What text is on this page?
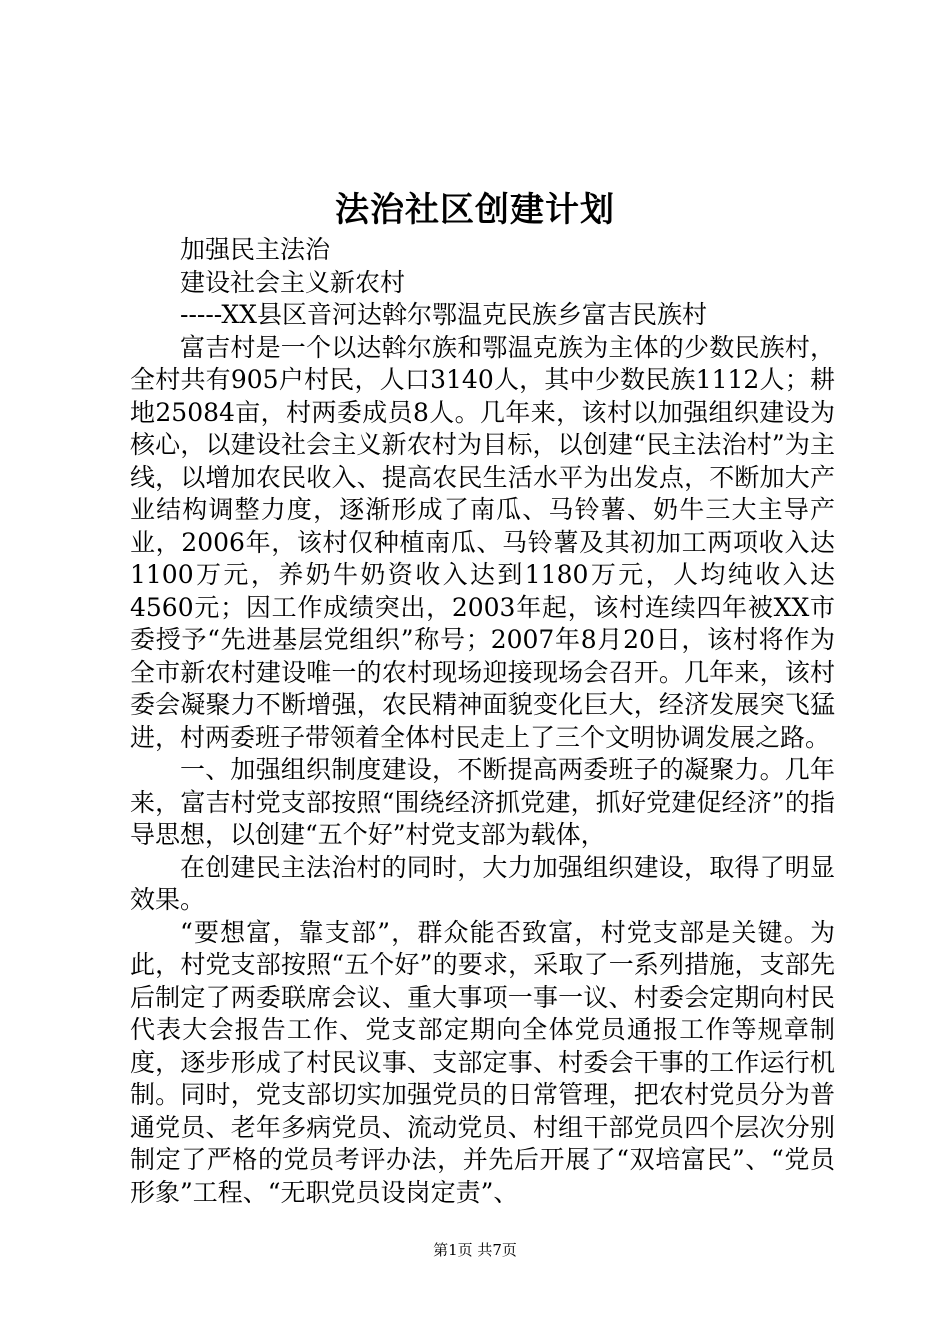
法治社区创建计划

加强民主法治

建设社会主义新农村

-----XX县区音河达斡尔鄂温克民族乡富吉民族村

富吉村是一个以达斡尔族和鄂温克族为主体的少数民族村，全村共有905户村民，人口3140人，其中少数民族1112人；耕地25084亩，村两委成员8人。几年来，该村以加强组织建设为核心，以建设社会主义新农村为目标，以创建“民主法治村”为主线，以增加农民收入、提高农民生活水平为出发点，不断加大产业结构调整力度，逐渐形成了南瓜、马铃薯、奶牛三大主导产业，2006年，该村仅种植南瓜、马铃薯及其初加工两项收入达1100万元，养奶牛奶资收入达到1180万元，人均纯收入达4560元；因工作成绩突出，2003年起，该村连续四年被XX市委授予“先进基层党组织”称号；2007年8月20日，该村将作为全市新农村建设唯一的农村现场迎接现场会召开。几年来，该村委会凝聚力不断增强，农民精神面貌变化巨大，经济发展突飞猛进，村两委班子带领着全体村民走上了三个文明协调发展之路。

一、加强组织制度建设，不断提高两委班子的凝聚力。几年来，富吉村党支部按照“围绕经济抓党建，抓好党建促经济”的指导思想，以创建“五个好”村党支部为载体，

在创建民主法治村的同时，大力加强组织建设，取得了明显效果。

“要想富，靠支部”，群众能否致富，村党支部是关键。为此，村党支部按照“五个好”的要求，采取了一系列措施，支部先后制定了两委联席会议、重大事项一事一议、村委会定期向村民代表大会报告工作、党支部定期向全体党员通报工作等规章制度，逐步形成了村民议事、支部定事、村委会干事的工作运行机制。同时，党支部切实加强党员的日常管理，把农村党员分为普通党员、老年多病党员、流动党员、村组干部党员四个层次分别制定了严格的党员考评办法，并先后开展了“双培富民”、“党员形象”工程、“无职党员设岗定责”、

第1页 共7页
